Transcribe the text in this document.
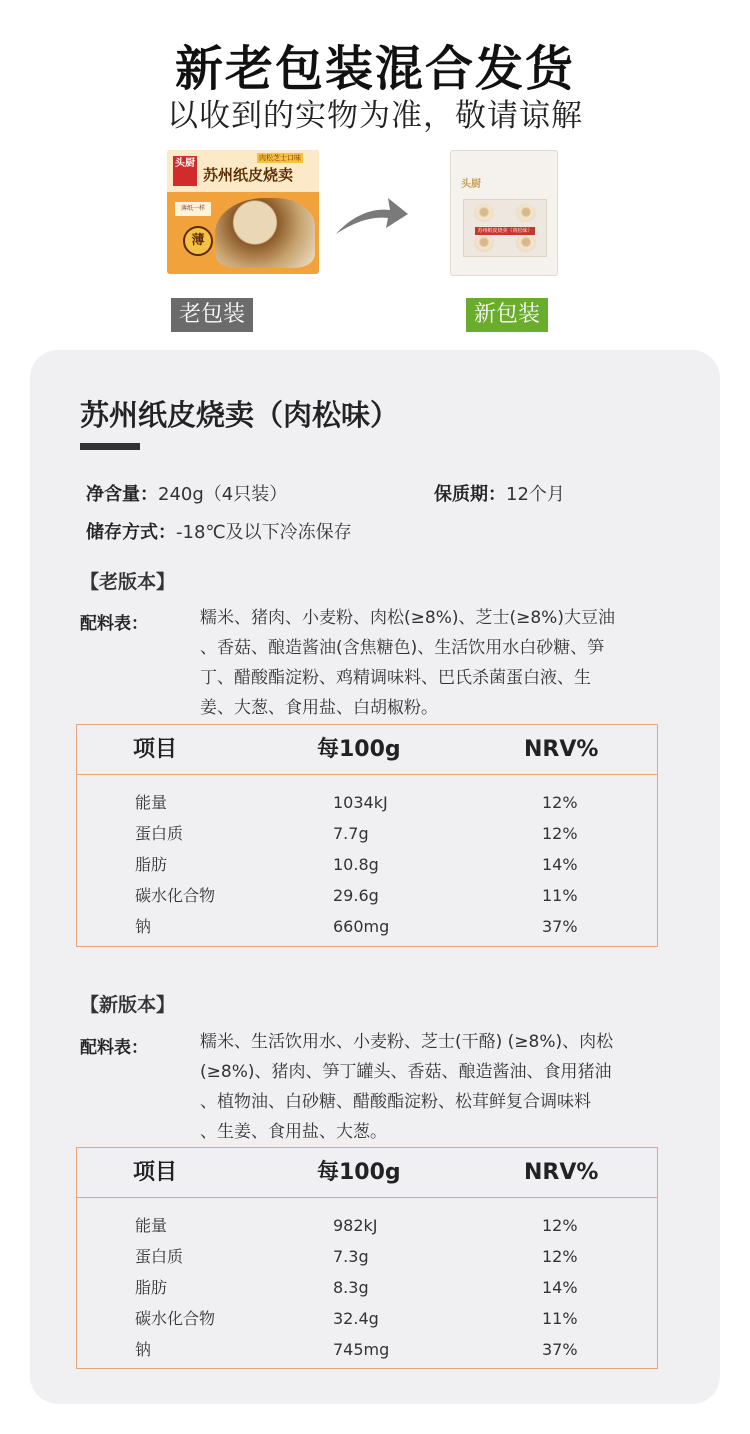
新老包装混合发货
以收到的实物为准，敬请谅解
头厨	肉松芝士口味
苏州纸皮烧卖
薄纸一样
薄
头厨
苏州纸皮烧卖（肉松味）
老包装	新包装
苏州纸皮烧卖（肉松味）
净含量：240g（4只装）	保质期：12个月
储存方式：-18℃及以下冷冻保存
【老版本】
配料表：	糯米、猪肉、小麦粉、肉松(≥8%)、芝士(≥8%)大豆油
、香菇、酿造酱油(含焦糖色)、生活饮用水白砂糖、笋
丁、醋酸酯淀粉、鸡精调味料、巴氏杀菌蛋白液、生
姜、大葱、食用盐、白胡椒粉。
项目	每100g	NRV%
能量	1034kJ	12%
蛋白质	7.7g	12%
脂肪	10.8g	14%
碳水化合物	29.6g	11%
钠	660mg	37%
【新版本】
配料表：	糯米、生活饮用水、小麦粉、芝士(干酪) (≥8%)、肉松
(≥8%)、猪肉、笋丁罐头、香菇、酿造酱油、食用猪油
、植物油、白砂糖、醋酸酯淀粉、松茸鲜复合调味料
、生姜、食用盐、大葱。
项目	每100g	NRV%
能量	982kJ	12%
蛋白质	7.3g	12%
脂肪	8.3g	14%
碳水化合物	32.4g	11%
钠	745mg	37%
